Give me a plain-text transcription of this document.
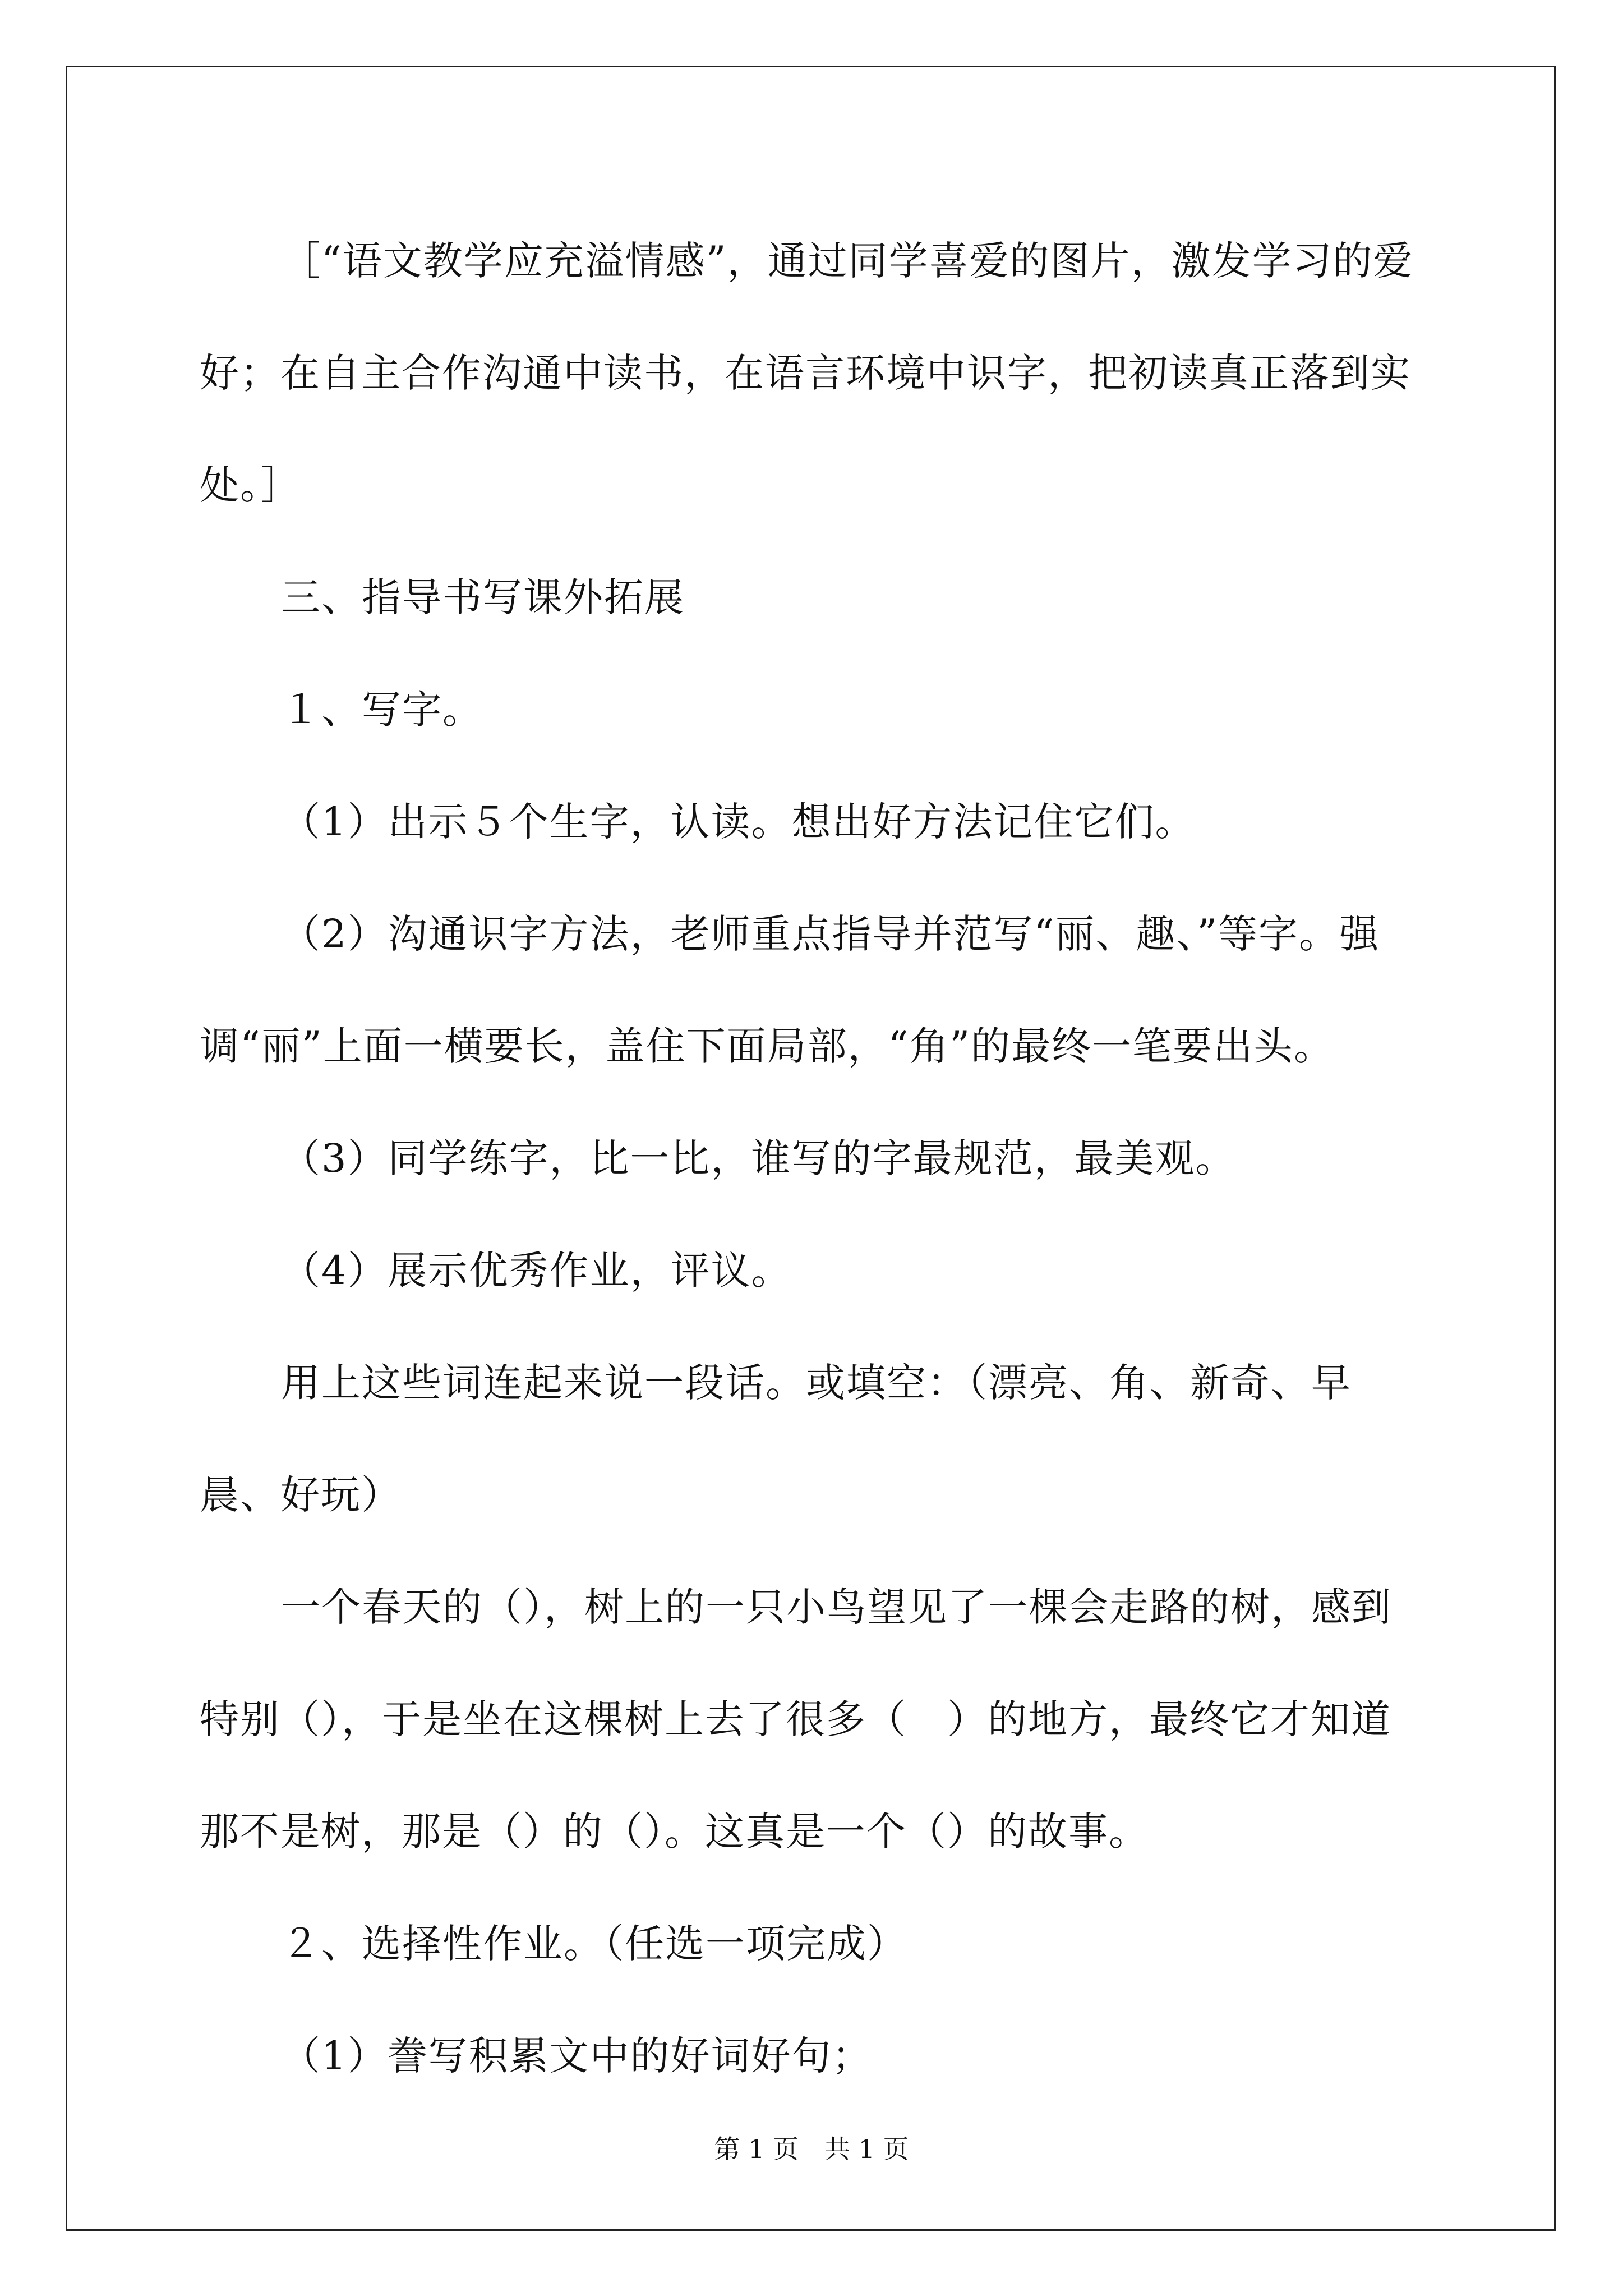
［“语文教学应充溢情感”，通过同学喜爱的图片，激发学习的爱好；在自主合作沟通中读书，在语言环境中识字，把初读真正落到实处。］

三、指导书写课外拓展

１、写字。

（1）出示５个生字，认读。想出好方法记住它们。

（2）沟通识字方法，老师重点指导并范写“丽、趣、”等字。强调“丽”上面一横要长，盖住下面局部，“角”的最终一笔要出头。

（3）同学练字，比一比，谁写的字最规范，最美观。

（4）展示优秀作业，评议。

用上这些词连起来说一段话。或填空：（漂亮、角、新奇、早晨、好玩）

一个春天的（），树上的一只小鸟望见了一棵会走路的树，感到特别（），于是坐在这棵树上去了很多（　）的地方，最终它才知道那不是树，那是（）的（）。这真是一个（）的故事。

２、选择性作业。（任选一项完成）

（1）誊写积累文中的好词好句；

第 1 页　共 1 页
